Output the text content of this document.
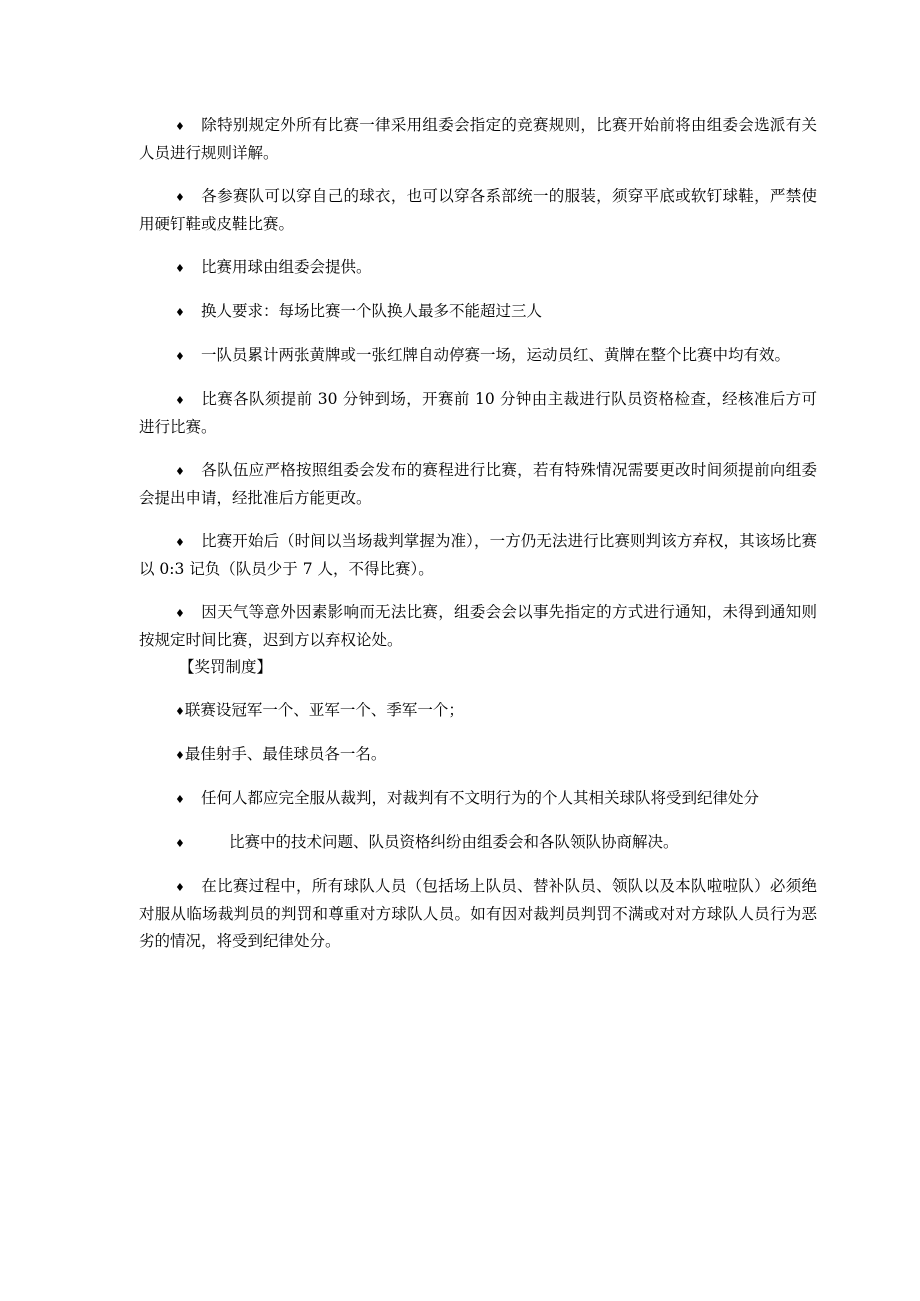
♦ 除特别规定外所有比赛一律采用组委会指定的竞赛规则，比赛开始前将由组委会选派有关人员进行规则详解。

♦ 各参赛队可以穿自己的球衣，也可以穿各系部统一的服装，须穿平底或软钉球鞋，严禁使用硬钉鞋或皮鞋比赛。

♦ 比赛用球由组委会提供。

♦ 换人要求：每场比赛一个队换人最多不能超过三人

♦ 一队员累计两张黄牌或一张红牌自动停赛一场，运动员红、黄牌在整个比赛中均有效。

♦ 比赛各队须提前 30 分钟到场，开赛前 10 分钟由主裁进行队员资格检查，经核准后方可进行比赛。

♦ 各队伍应严格按照组委会发布的赛程进行比赛，若有特殊情况需要更改时间须提前向组委会提出申请，经批准后方能更改。

♦ 比赛开始后（时间以当场裁判掌握为准），一方仍无法进行比赛则判该方弃权，其该场比赛以 0:3 记负（队员少于 7 人，不得比赛）。

♦ 因天气等意外因素影响而无法比赛，组委会会以事先指定的方式进行通知，未得到通知则按规定时间比赛，迟到方以弃权论处。

【奖罚制度】

♦联赛设冠军一个、亚军一个、季军一个；

♦最佳射手、最佳球员各一名。

♦ 任何人都应完全服从裁判，对裁判有不文明行为的个人其相关球队将受到纪律处分

♦	比赛中的技术问题、队员资格纠纷由组委会和各队领队协商解决。

♦ 在比赛过程中，所有球队人员（包括场上队员、替补队员、领队以及本队啦啦队）必须绝对服从临场裁判员的判罚和尊重对方球队人员。如有因对裁判员判罚不满或对对方球队人员行为恶劣的情况，将受到纪律处分。
